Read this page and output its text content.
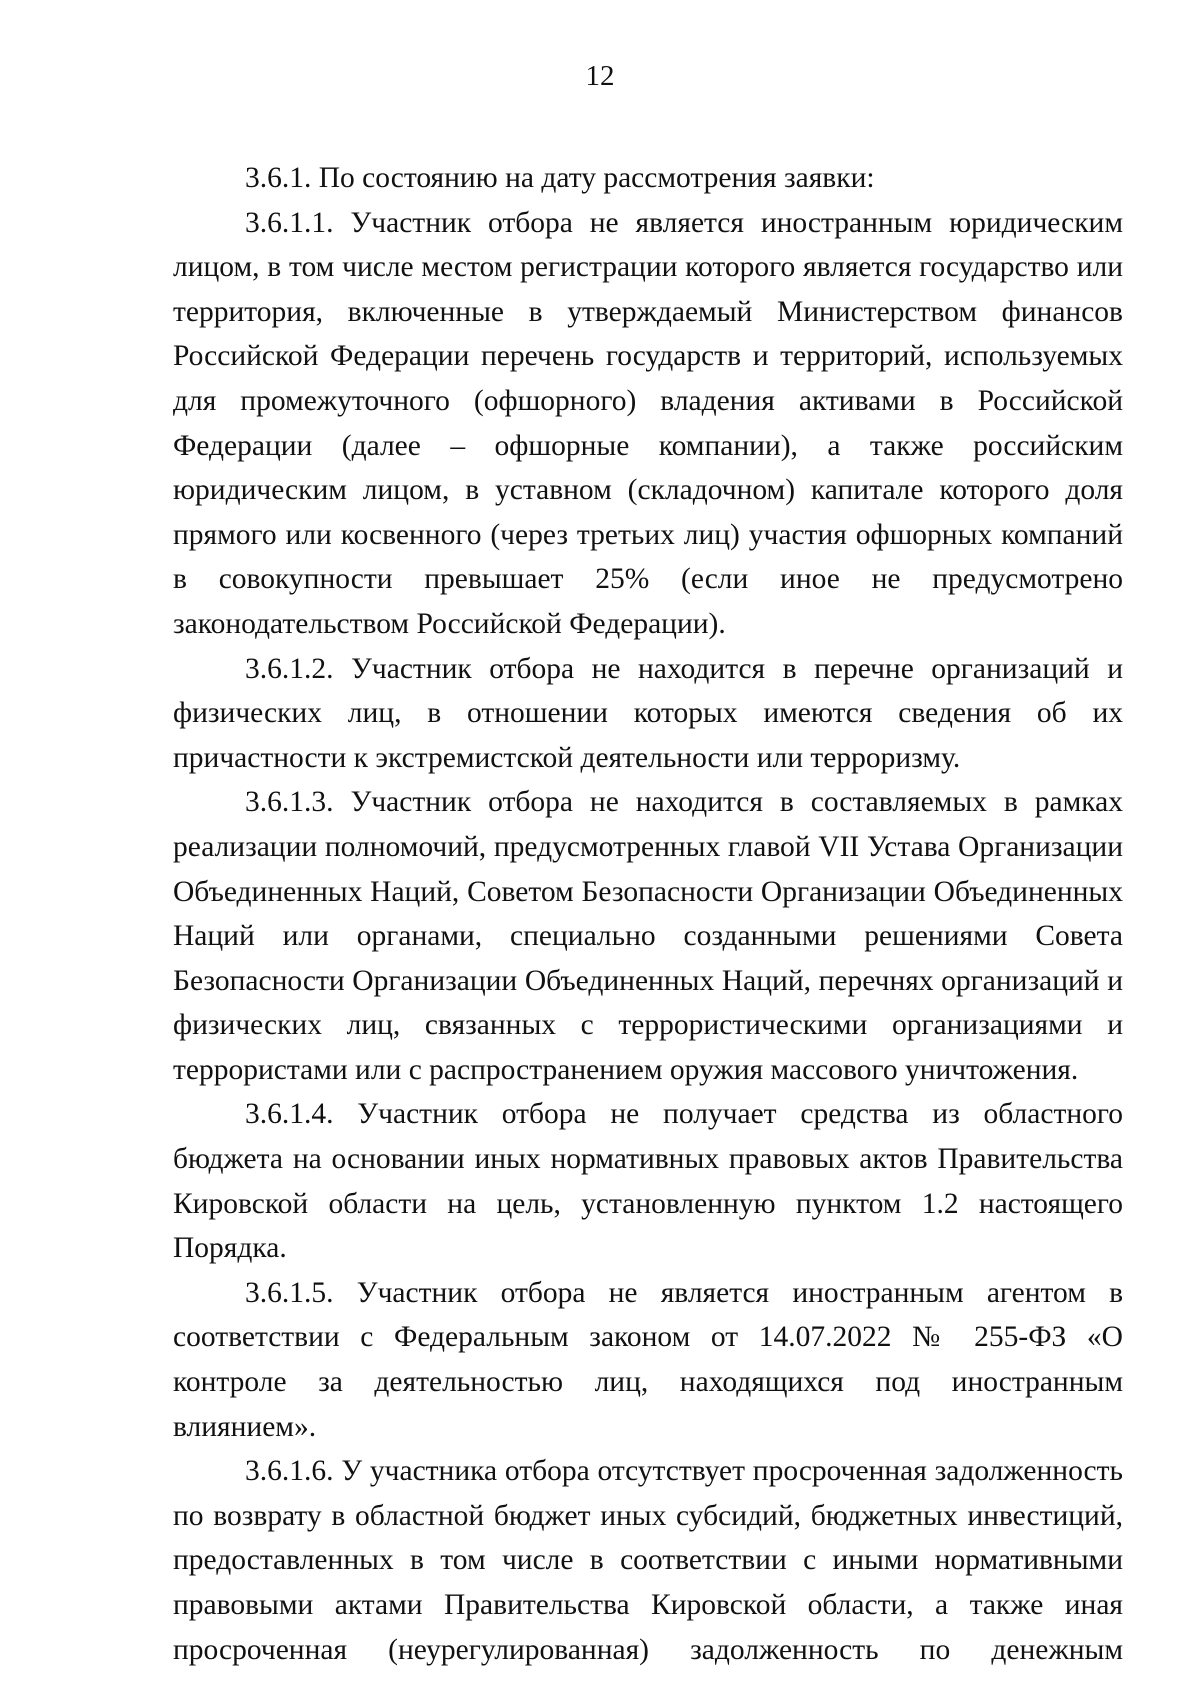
12

3.6.1. По состоянию на дату рассмотрения заявки:

3.6.1.1. Участник отбора не является иностранным юридическим лицом, в том числе местом регистрации которого является государство или территория, включенные в утверждаемый Министерством финансов Российской Федерации перечень государств и территорий, используемых для промежуточного (офшорного) владения активами в Российской Федерации (далее – офшорные компании), а также российским юридическим лицом, в уставном (складочном) капитале которого доля прямого или косвенного (через третьих лиц) участия офшорных компаний в совокупности превышает 25% (если иное не предусмотрено законодательством Российской Федерации).

3.6.1.2. Участник отбора не находится в перечне организаций и физических лиц, в отношении которых имеются сведения об их причастности к экстремистской деятельности или терроризму.

3.6.1.3. Участник отбора не находится в составляемых в рамках реализации полномочий, предусмотренных главой VII Устава Организации Объединенных Наций, Советом Безопасности Организации Объединенных Наций или органами, специально созданными решениями Совета Безопасности Организации Объединенных Наций, перечнях организаций и физических лиц, связанных с террористическими организациями и террористами или с распространением оружия массового уничтожения.

3.6.1.4. Участник отбора не получает средства из областного бюджета на основании иных нормативных правовых актов Правительства Кировской области на цель, установленную пунктом 1.2 настоящего Порядка.

3.6.1.5. Участник отбора не является иностранным агентом в соответствии с Федеральным законом от 14.07.2022 № 255-ФЗ «О контроле за деятельностью лиц, находящихся под иностранным влиянием».

3.6.1.6. У участника отбора отсутствует просроченная задолженность по возврату в областной бюджет иных субсидий, бюджетных инвестиций, предоставленных в том числе в соответствии с иными нормативными правовыми актами Правительства Кировской области, а также иная просроченная (неурегулированная) задолженность по денежным
